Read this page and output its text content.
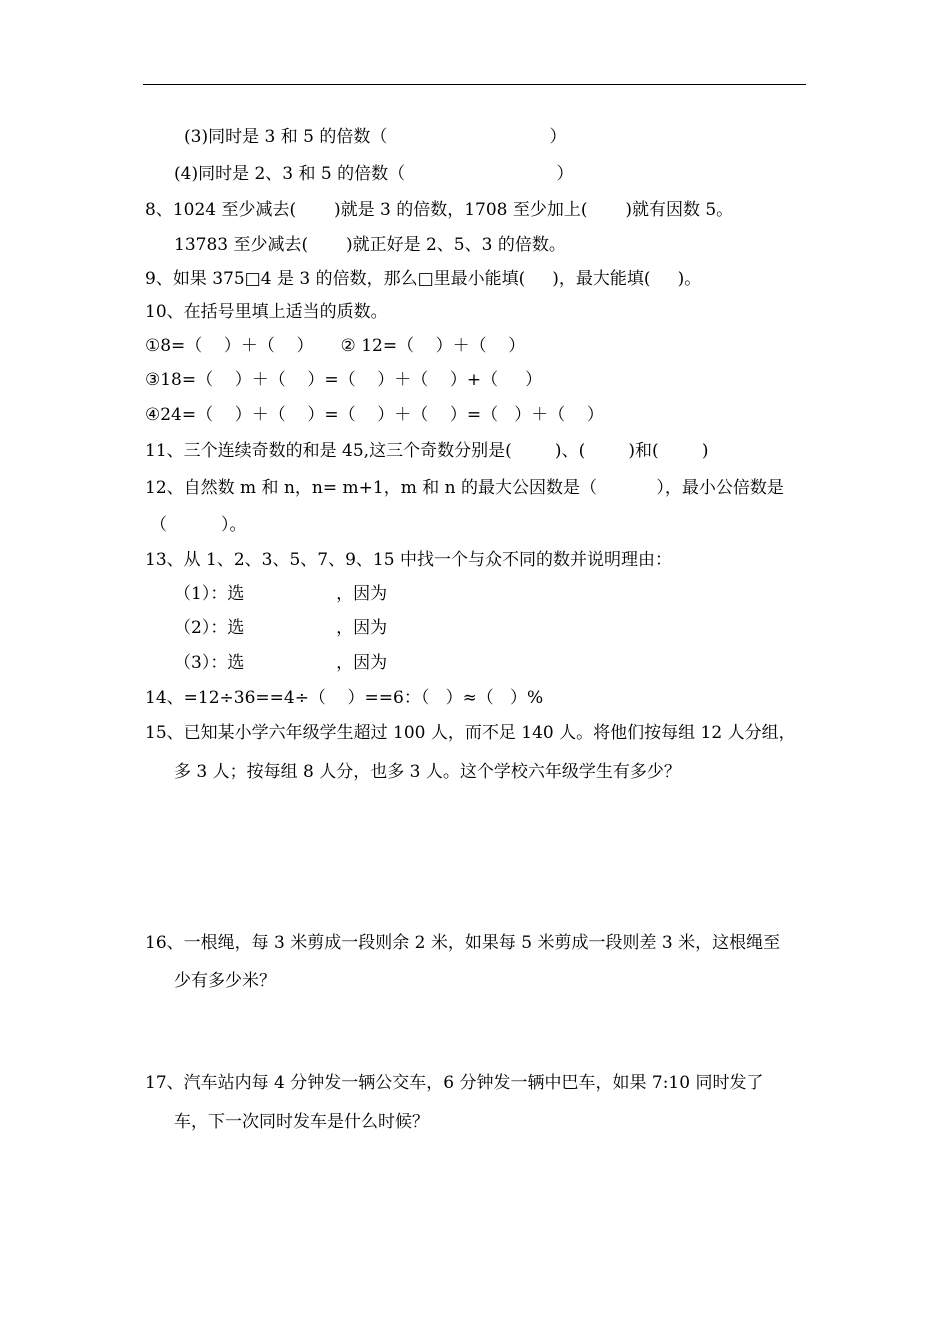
(3)同时是 3 和 5 的倍数（                              ）
(4)同时是 2、3 和 5 的倍数（                            ）
8、1024 至少减去(       )就是 3 的倍数，1708 至少加上(       )就有因数 5。
13783 至少减去(       )就正好是 2、5、3 的倍数。
9、如果 375□4 是 3 的倍数，那么□里最小能填(     )，最大能填(     )。
10、在括号里填上适当的质数。
①8=（    ）＋（    ）     ② 12=（    ）＋（    ）
③18=（    ）＋（    ）=（    ）＋（    ）+（     ）
④24=（    ）＋（    ）=（    ）＋（    ）=（   ）＋（    ）
11、三个连续奇数的和是 45,这三个奇数分别是(        )、(        )和(        )
12、自然数 m 和 n，n= m+1，m 和 n 的最大公因数是（           ），最小公倍数是
（          ）。
13、从 1、2、3、5、7、9、15 中找一个与众不同的数并说明理由：
（1）：选                 ，因为
（2）：选                 ，因为
（3）：选                 ，因为
14、=12÷36==4÷（    ）==6：（   ）≈（   ）%
15、已知某小学六年级学生超过 100 人，而不足 140 人。将他们按每组 12 人分组，
多 3 人；按每组 8 人分，也多 3 人。这个学校六年级学生有多少？
16、一根绳，每 3 米剪成一段则余 2 米，如果每 5 米剪成一段则差 3 米，这根绳至
少有多少米？
17、汽车站内每 4 分钟发一辆公交车，6 分钟发一辆中巴车，如果 7:10 同时发了
车，下一次同时发车是什么时候？
